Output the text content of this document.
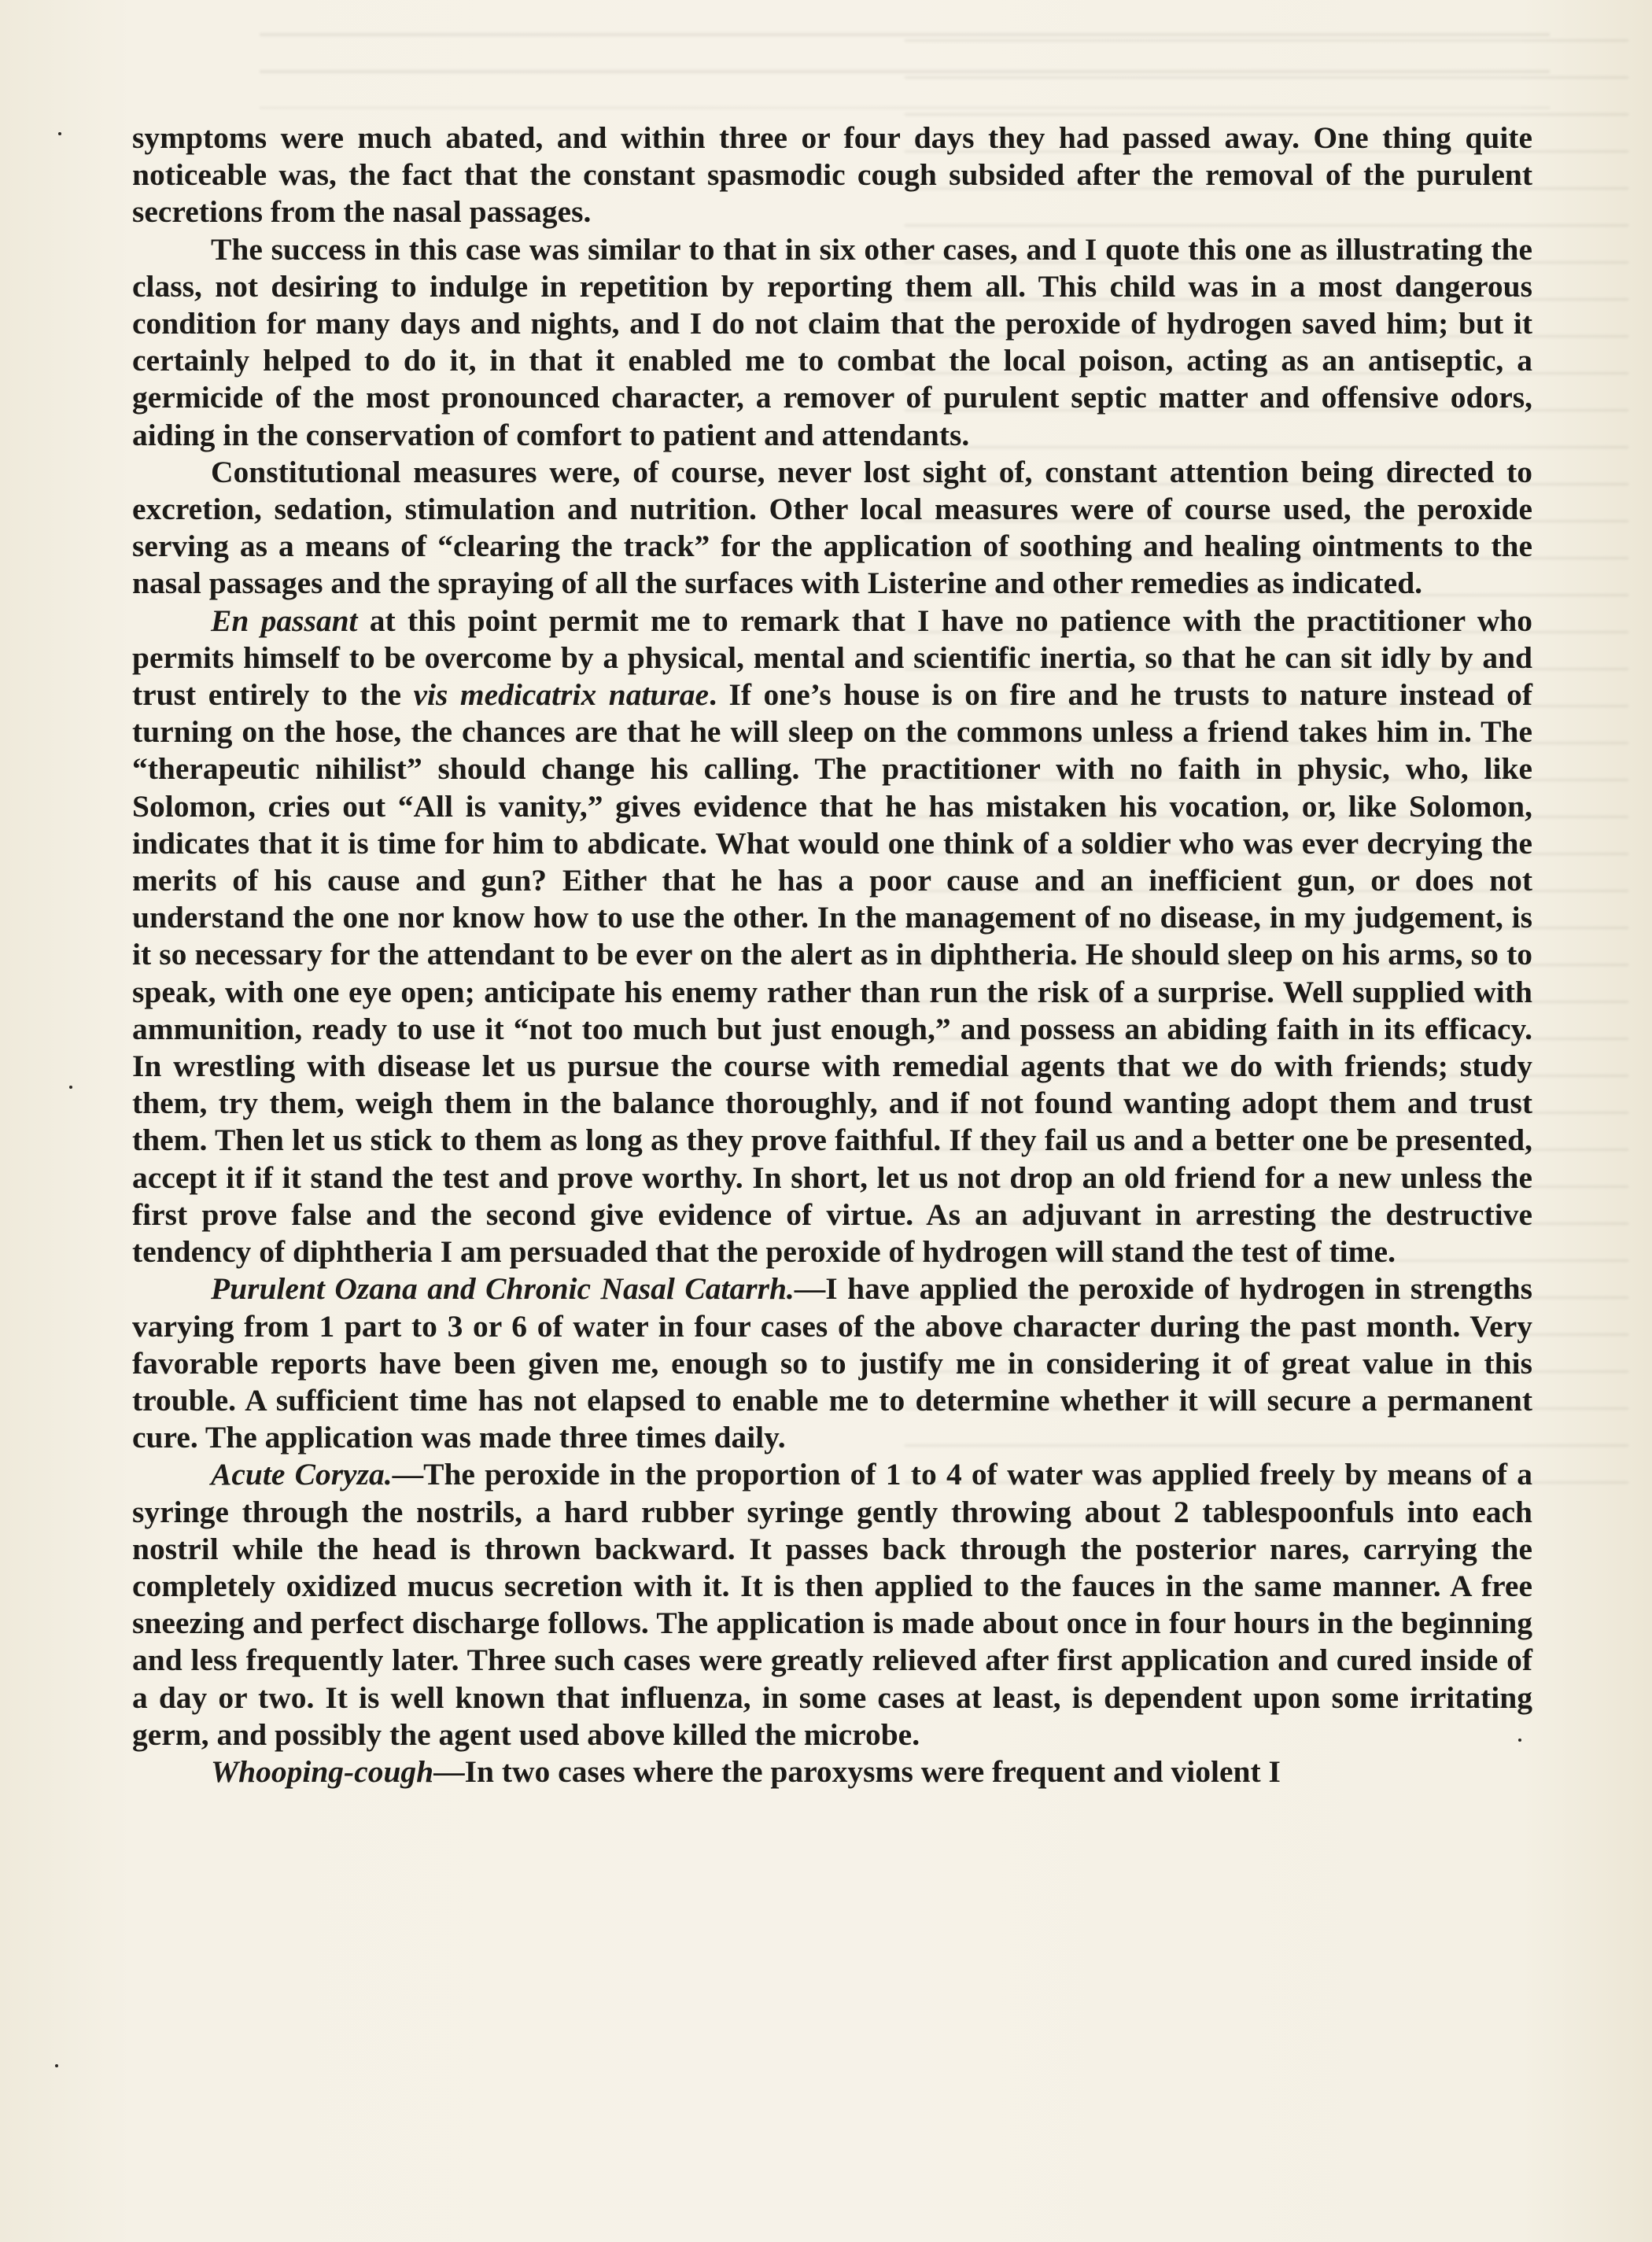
symptoms were much abated, and within three or four days they had passed away. One thing quite noticeable was, the fact that the constant spasmodic cough subsided after the removal of the purulent secretions from the nasal passages.

The success in this case was similar to that in six other cases, and I quote this one as illustrating the class, not desiring to indulge in repetition by reporting them all. This child was in a most dangerous condition for many days and nights, and I do not claim that the peroxide of hydrogen saved him; but it certainly helped to do it, in that it enabled me to combat the local poison, acting as an antiseptic, a germicide of the most pronounced character, a remover of purulent septic matter and offensive odors, aiding in the conservation of comfort to patient and attendants.

Constitutional measures were, of course, never lost sight of, constant attention being directed to excretion, sedation, stimulation and nutrition. Other local measures were of course used, the peroxide serving as a means of “clearing the track” for the application of soothing and healing ointments to the nasal passages and the spraying of all the surfaces with Listerine and other remedies as indicated.

En passant at this point permit me to remark that I have no patience with the practitioner who permits himself to be overcome by a physical, mental and scientific inertia, so that he can sit idly by and trust entirely to the vis medicatrix naturae. If one’s house is on fire and he trusts to nature instead of turning on the hose, the chances are that he will sleep on the commons unless a friend takes him in. The “therapeutic nihilist” should change his calling. The practitioner with no faith in physic, who, like Solomon, cries out “All is vanity,” gives evidence that he has mistaken his vocation, or, like Solomon, indicates that it is time for him to abdicate. What would one think of a soldier who was ever decrying the merits of his cause and gun? Either that he has a poor cause and an inefficient gun, or does not understand the one nor know how to use the other. In the management of no disease, in my judgement, is it so necessary for the attendant to be ever on the alert as in diphtheria. He should sleep on his arms, so to speak, with one eye open; anticipate his enemy rather than run the risk of a surprise. Well supplied with ammunition, ready to use it “not too much but just enough,” and possess an abiding faith in its efficacy. In wrestling with disease let us pursue the course with remedial agents that we do with friends; study them, try them, weigh them in the balance thoroughly, and if not found wanting adopt them and trust them. Then let us stick to them as long as they prove faithful. If they fail us and a better one be presented, accept it if it stand the test and prove worthy. In short, let us not drop an old friend for a new unless the first prove false and the second give evidence of virtue. As an adjuvant in arresting the destructive tendency of diphtheria I am persuaded that the peroxide of hydrogen will stand the test of time.

Purulent Ozana and Chronic Nasal Catarrh.—I have applied the peroxide of hydrogen in strengths varying from 1 part to 3 or 6 of water in four cases of the above character during the past month. Very favorable reports have been given me, enough so to justify me in considering it of great value in this trouble. A sufficient time has not elapsed to enable me to determine whether it will secure a permanent cure. The application was made three times daily.

Acute Coryza.—The peroxide in the proportion of 1 to 4 of water was applied freely by means of a syringe through the nostrils, a hard rubber syringe gently throwing about 2 tablespoonfuls into each nostril while the head is thrown backward. It passes back through the posterior nares, carrying the completely oxidized mucus secretion with it. It is then applied to the fauces in the same manner. A free sneezing and perfect discharge follows. The application is made about once in four hours in the beginning and less frequently later. Three such cases were greatly relieved after first application and cured inside of a day or two. It is well known that influenza, in some cases at least, is dependent upon some irritating germ, and possibly the agent used above killed the microbe.

Whooping-cough—In two cases where the paroxysms were frequent and violent I
